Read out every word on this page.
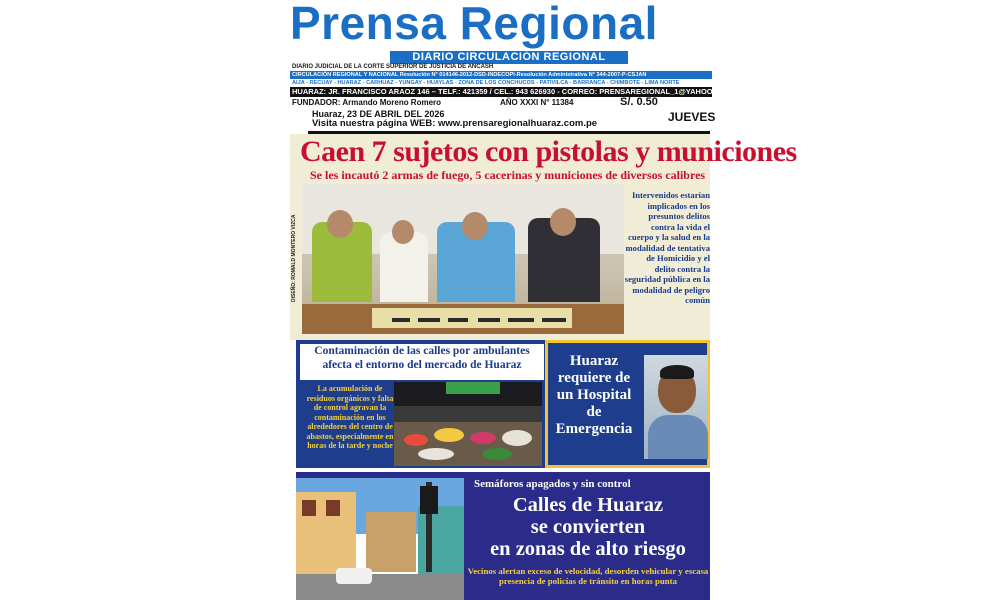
Prensa Regional
DIARIO CIRCULACIÓN REGIONAL
DIARIO JUDICIAL DE LA CORTE SUPERIOR DE JUSTICIA DE ANCASH
CIRCULACIÓN REGIONAL Y NACIONAL Resolución N° 014146-2012-DSD-INDECOPI-Resolución Administrativa N° 344-2007-P-CSJAN
AIJA - RECUAY - HUARAZ - CARHUAZ - YUNGAY - HUAYLAS - ZONA DE LOS CONCHUCOS - PATIVILCA - BARRANCA - CHIMBOTE - LIMA NORTE
HUARAZ: JR. FRANCISCO ARAOZ 146 – TELF.: 421359 / CEL.: 943 626930 - CORREO: PRENSAREGIONAL_1@YAHOO.ES
FUNDADOR: Armando Moreno Romero	AÑO XXXI N° 11384	S/. 0.50
Huaraz, 23 DE ABRIL DEL 2026
Visita nuestra página WEB: www.prensaregionalhuaraz.com.pe	JUEVES
DISEÑO: ROMALD MONTERO VIZCA
Caen 7 sujetos con pistolas y municiones
Se les incautó 2 armas de fuego, 5 cacerinas y municiones de diversos calibres
Intervenidos estarían implicados en los presuntos delitos contra la vida el cuerpo y la salud en la modalidad de tentativa de Homicidio y el delito contra la seguridad pública en la modalidad de peligro común
Contaminación de las calles por ambulantes afecta el entorno del mercado de Huaraz
La acumulación de residuos orgánicos y falta de control agravan la contaminación en los alrededores del centro de abastos, especialmente en horas de la tarde y noche
Huaraz requiere de un Hospital de Emergencia
Semáforos apagados y sin control
Calles de Huaraz
se convierten
en zonas de alto riesgo
Vecinos alertan exceso de velocidad, desorden vehicular y escasa presencia de policías de tránsito en horas punta
